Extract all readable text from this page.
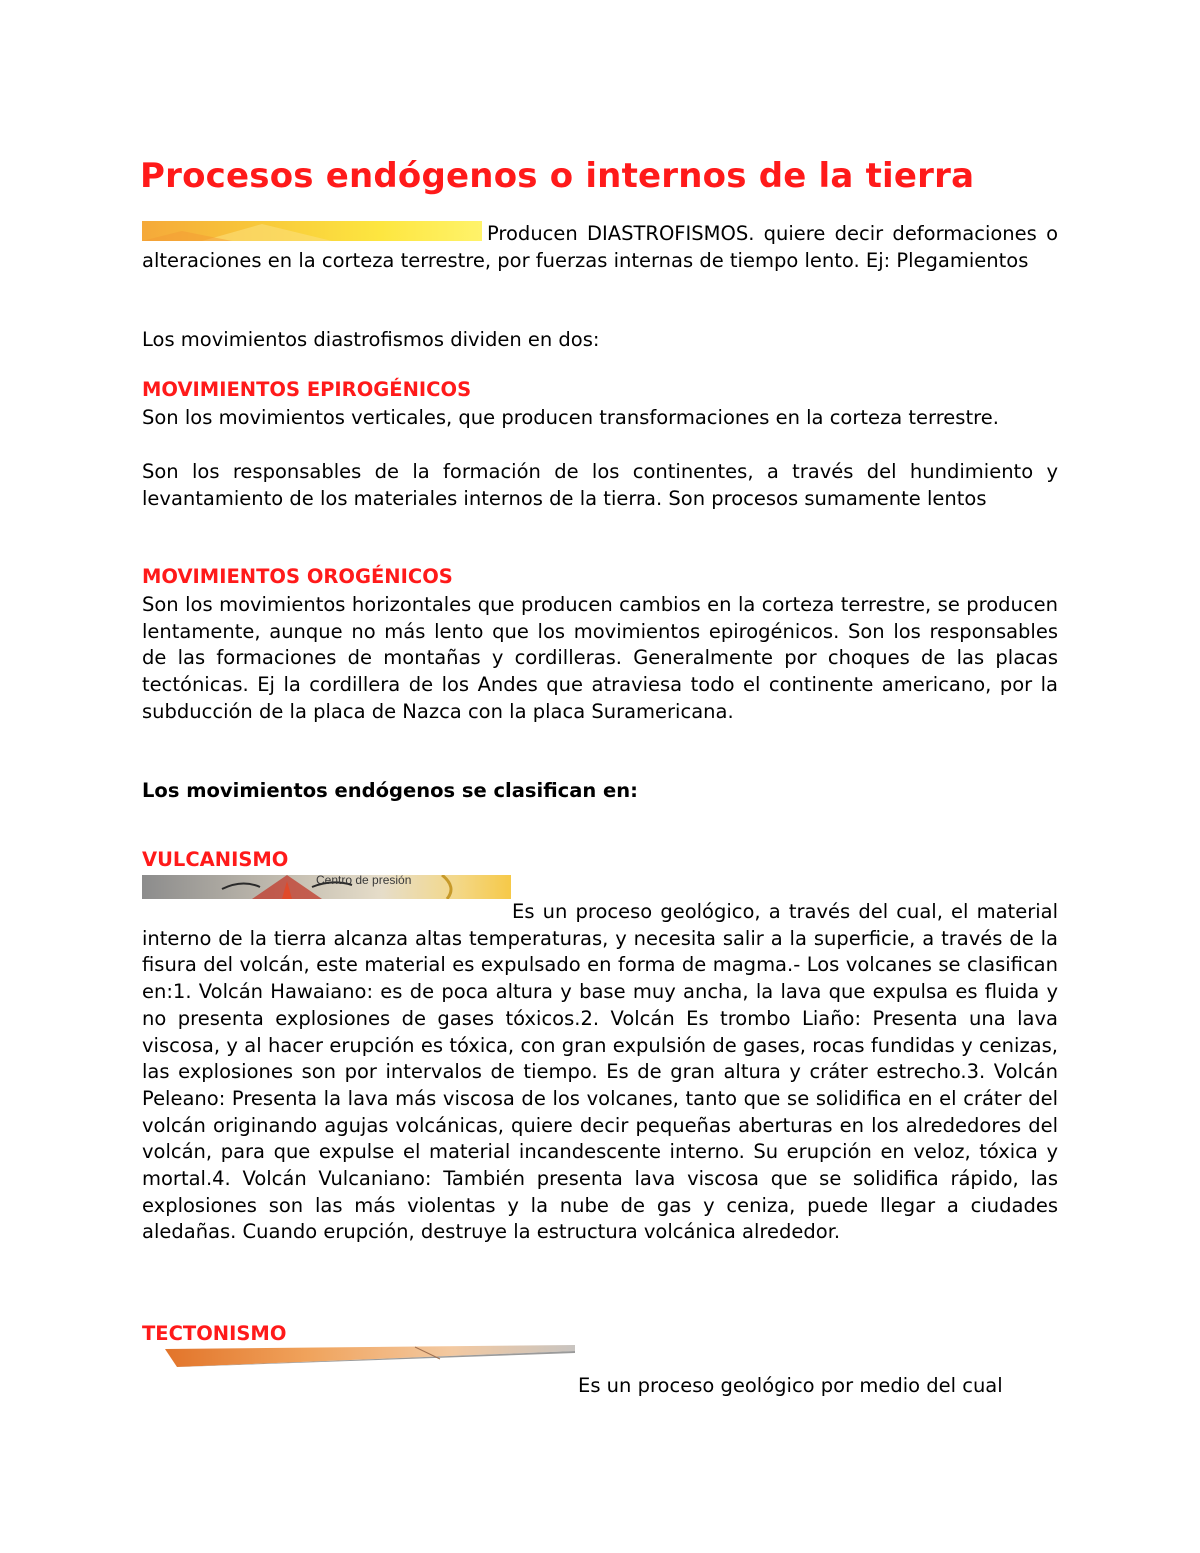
Procesos endógenos o internos de la tierra
Producen DIASTROFISMOS. quiere decir deformaciones o alteraciones en la corteza terrestre, por fuerzas internas de tiempo lento. Ej: Plegamientos
Los movimientos diastrofismos dividen en dos:
MOVIMIENTOS EPIROGÉNICOS
Son los movimientos verticales, que producen transformaciones en la corteza terrestre.
Son los responsables de la formación de los continentes, a través del hundimiento y levantamiento de los materiales internos de la tierra. Son procesos sumamente lentos
MOVIMIENTOS OROGÉNICOS
Son los movimientos horizontales que producen cambios en la corteza terrestre, se producen lentamente, aunque no más lento que los movimientos epirogénicos. Son los responsables de las formaciones de montañas y cordilleras. Generalmente por choques de las placas tectónicas. Ej la cordillera de los Andes que atraviesa todo el continente americano, por la subducción de la placa de Nazca con la placa Suramericana.
Los movimientos endógenos se clasifican en:
VULCANISMO
Centro de presión
Es un proceso geológico, a través del cual, el material interno de la tierra alcanza altas temperaturas, y necesita salir a la superficie, a través de la fisura del volcán, este material es expulsado en forma de magma.- Los volcanes se clasifican en:1. Volcán Hawaiano: es de poca altura y base muy ancha, la lava que expulsa es fluida y no presenta explosiones de gases tóxicos.2. Volcán Es trombo Liaño: Presenta una lava viscosa, y al hacer erupción es tóxica, con gran expulsión de gases, rocas fundidas y cenizas, las explosiones son por intervalos de tiempo. Es de gran altura y cráter estrecho.3. Volcán Peleano: Presenta la lava más viscosa de los volcanes, tanto que se solidifica en el cráter del volcán originando agujas volcánicas, quiere decir pequeñas aberturas en los alrededores del volcán, para que expulse el material incandescente interno. Su erupción en veloz, tóxica y mortal.4. Volcán Vulcaniano: También presenta lava viscosa que se solidifica rápido, las explosiones son las más violentas y la nube de gas y ceniza, puede llegar a ciudades aledañas. Cuando erupción, destruye la estructura volcánica alrededor.
TECTONISMO
Es un proceso geológico por medio del cual
